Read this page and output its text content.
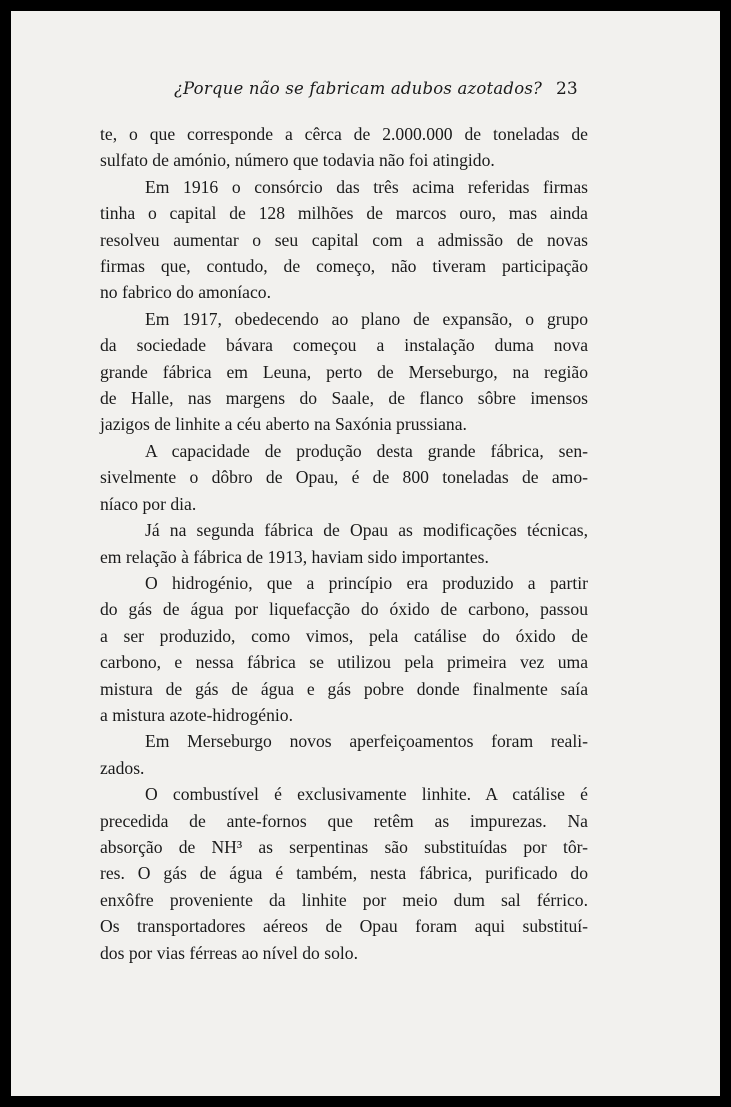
¿Porque não se fabricam adubos azotados? 23

te, o que corresponde a cêrca de 2.000.000 de toneladas de
sulfato de amónio, número que todavia não foi atingido.

Em 1916 o consórcio das três acima referidas firmas
tinha o capital de 128 milhões de marcos ouro, mas ainda
resolveu aumentar o seu capital com a admissão de novas
firmas que, contudo, de começo, não tiveram participação
no fabrico do amoníaco.

Em 1917, obedecendo ao plano de expansão, o grupo
da sociedade bávara começou a instalação duma nova
grande fábrica em Leuna, perto de Merseburgo, na região
de Halle, nas margens do Saale, de flanco sôbre imensos
jazigos de linhite a céu aberto na Saxónia prussiana.

A capacidade de produção desta grande fábrica, sen-
sivelmente o dôbro de Opau, é de 800 toneladas de amo-
níaco por dia.

Já na segunda fábrica de Opau as modificações técnicas,
em relação à fábrica de 1913, haviam sido importantes.

O hidrogénio, que a princípio era produzido a partir
do gás de água por liquefacção do óxido de carbono, passou
a ser produzido, como vimos, pela catálise do óxido de
carbono, e nessa fábrica se utilizou pela primeira vez uma
mistura de gás de água e gás pobre donde finalmente saía
a mistura azote-hidrogénio.

Em Merseburgo novos aperfeiçoamentos foram reali-
zados.

O combustível é exclusivamente linhite. A catálise é
precedida de ante-fornos que retêm as impurezas. Na
absorção de NH³ as serpentinas são substituídas por tôr-
res. O gás de água é também, nesta fábrica, purificado do
enxôfre proveniente da linhite por meio dum sal férrico.
Os transportadores aéreos de Opau foram aqui substituí-
dos por vias férreas ao nível do solo.
